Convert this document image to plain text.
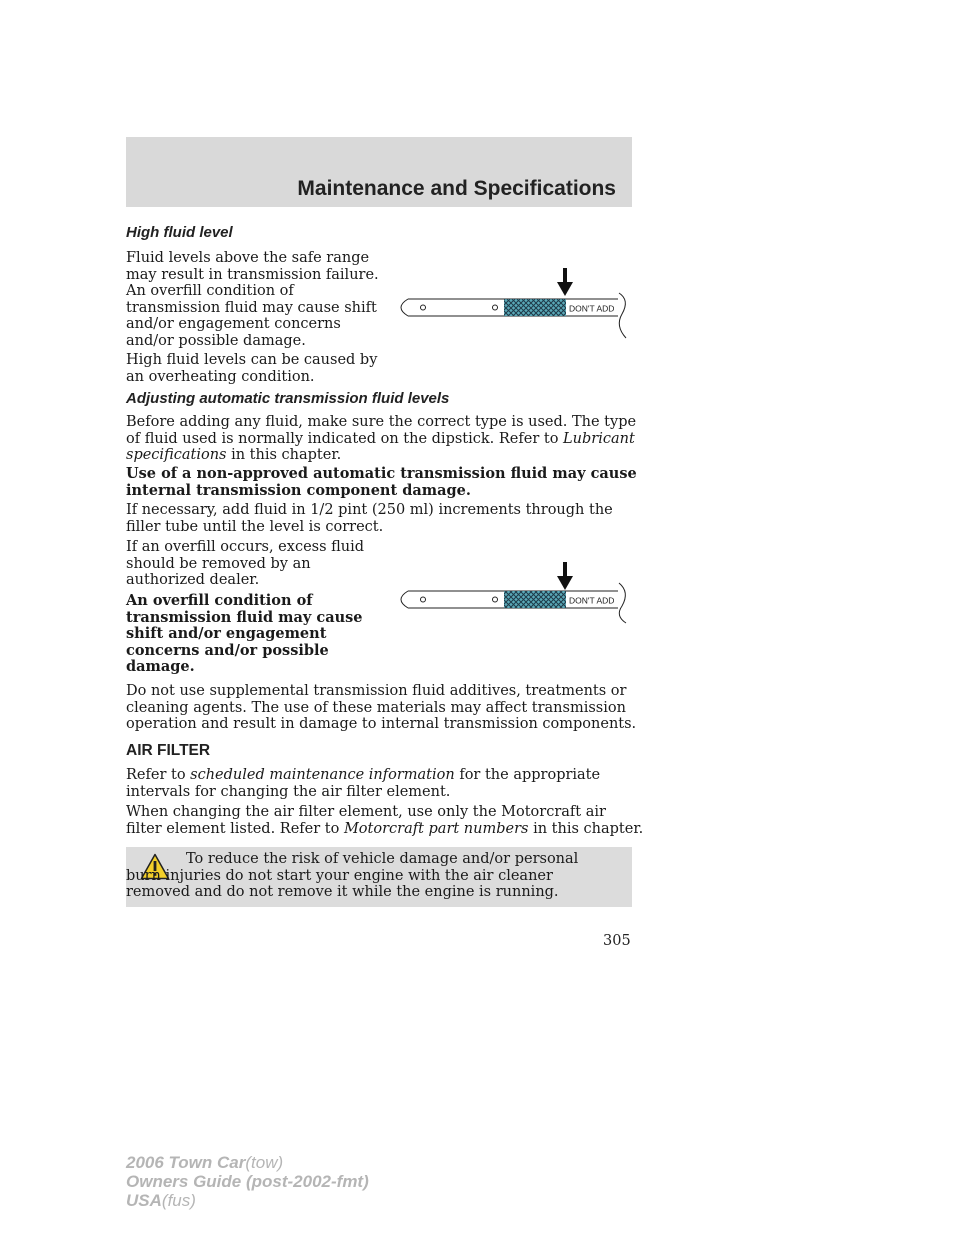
Maintenance and Specifications
High fluid level

Fluid levels above the safe range may result in transmission failure. An overfill condition of transmission fluid may cause shift and/or engagement concerns and/or possible damage.

High fluid levels can be caused by an overheating condition.

DON'T ADD
Adjusting automatic transmission fluid levels

Before adding any fluid, make sure the correct type is used. The type of fluid used is normally indicated on the dipstick. Refer to Lubricant specifications in this chapter.

Use of a non-approved automatic transmission fluid may cause internal transmission component damage.

If necessary, add fluid in 1/2 pint (250 ml) increments through the filler tube until the level is correct.

If an overfill occurs, excess fluid should be removed by an authorized dealer.

An overfill condition of transmission fluid may cause shift and/or engagement concerns and/or possible damage.

DON'T ADD

Do not use supplemental transmission fluid additives, treatments or cleaning agents. The use of these materials may affect transmission operation and result in damage to internal transmission components.

AIR FILTER

Refer to scheduled maintenance information for the appropriate intervals for changing the air filter element.

When changing the air filter element, use only the Motorcraft air filter element listed. Refer to Motorcraft part numbers in this chapter.

To reduce the risk of vehicle damage and/or personal burn injuries do not start your engine with the air cleaner removed and do not remove it while the engine is running.

305
2006 Town Car(tow)
Owners Guide (post-2002-fmt)
USA(fus)
